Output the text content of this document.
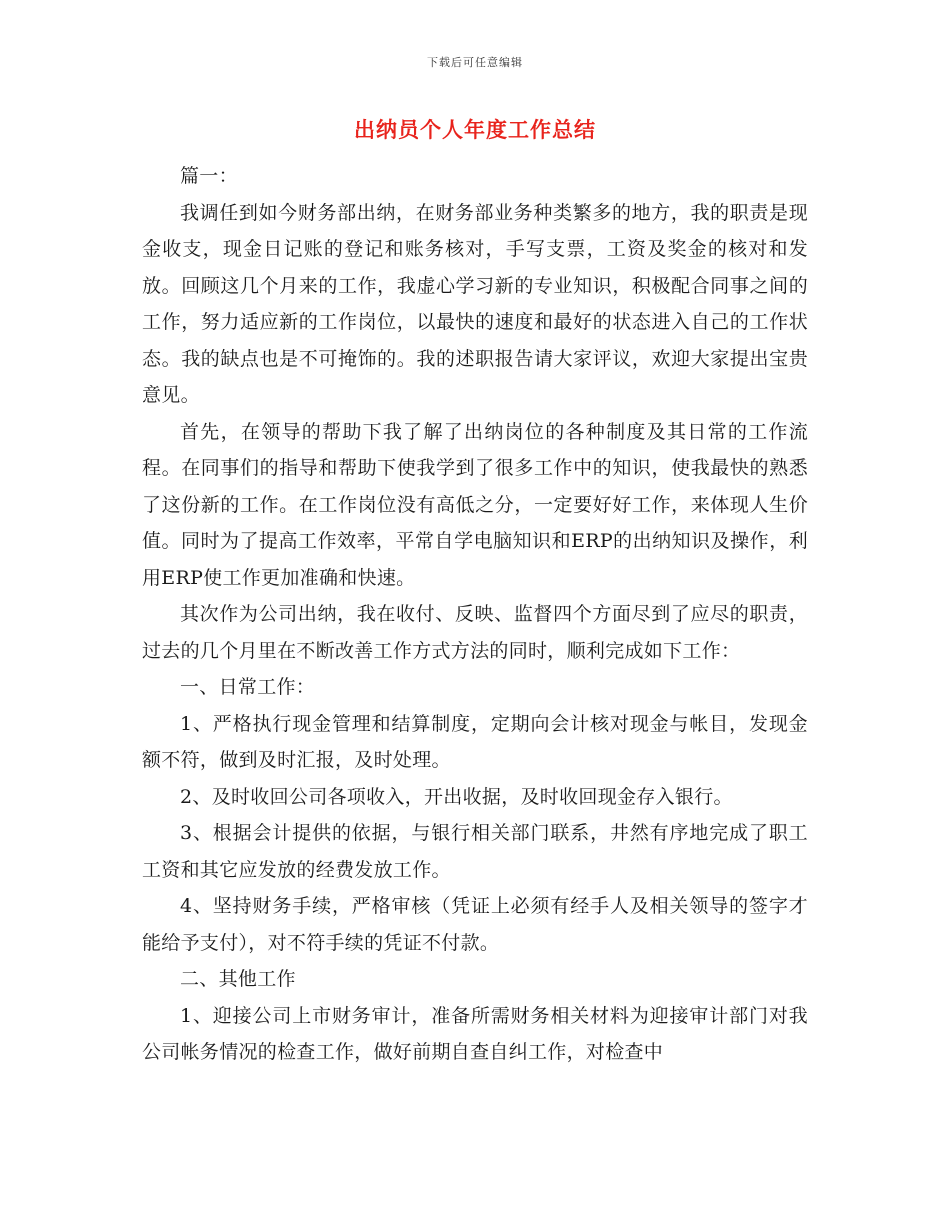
下载后可任意编辑
出纳员个人年度工作总结

篇一：

我调任到如今财务部出纳，在财务部业务种类繁多的地方，我的职责是现金收支，现金日记账的登记和账务核对，手写支票，工资及奖金的核对和发放。回顾这几个月来的工作，我虚心学习新的专业知识，积极配合同事之间的工作，努力适应新的工作岗位，以最快的速度和最好的状态进入自己的工作状态。我的缺点也是不可掩饰的。我的述职报告请大家评议，欢迎大家提出宝贵意见。

首先，在领导的帮助下我了解了出纳岗位的各种制度及其日常的工作流程。在同事们的指导和帮助下使我学到了很多工作中的知识，使我最快的熟悉了这份新的工作。在工作岗位没有高低之分，一定要好好工作，来体现人生价值。同时为了提高工作效率，平常自学电脑知识和ERP的出纳知识及操作，利用ERP使工作更加准确和快速。

其次作为公司出纳，我在收付、反映、监督四个方面尽到了应尽的职责，过去的几个月里在不断改善工作方式方法的同时，顺利完成如下工作：

一、日常工作：

1、严格执行现金管理和结算制度，定期向会计核对现金与帐目，发现金额不符，做到及时汇报，及时处理。

2、及时收回公司各项收入，开出收据，及时收回现金存入银行。

3、根据会计提供的依据，与银行相关部门联系，井然有序地完成了职工工资和其它应发放的经费发放工作。

4、坚持财务手续，严格审核（凭证上必须有经手人及相关领导的签字才能给予支付），对不符手续的凭证不付款。

二、其他工作

1、迎接公司上市财务审计，准备所需财务相关材料为迎接审计部门对我公司帐务情况的检查工作，做好前期自查自纠工作，对检查中
